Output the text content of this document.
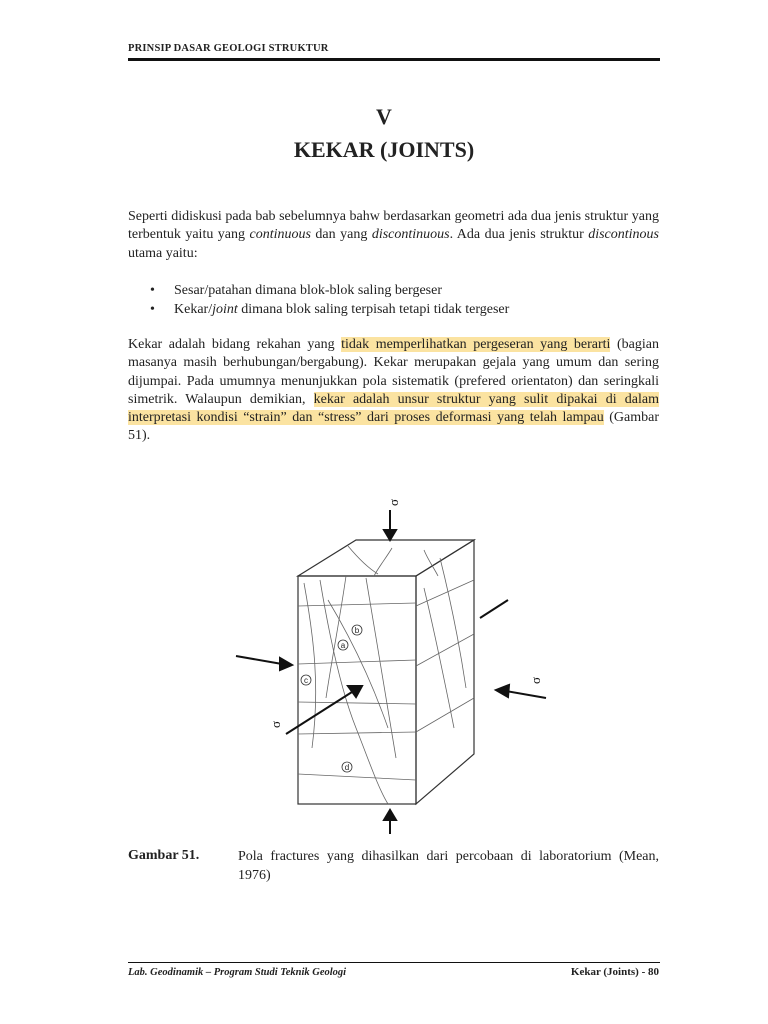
PRINSIP DASAR GEOLOGI STRUKTUR
V
KEKAR (JOINTS)
Seperti didiskusi pada bab sebelumnya bahw berdasarkan geometri ada dua jenis struktur yang terbentuk yaitu yang continuous dan yang discontinuous. Ada dua jenis struktur discontinous utama yaitu:
• Sesar/patahan dimana blok-blok saling bergeser
• Kekar/joint dimana blok saling terpisah tetapi tidak tergeser
Kekar adalah bidang rekahan yang tidak memperlihatkan pergeseran yang berarti (bagian masanya masih berhubungan/bergabung). Kekar merupakan gejala yang umum dan sering dijumpai. Pada umumnya menunjukkan pola sistematik (prefered orientaton) dan seringkali simetrik. Walaupun demikian, kekar adalah unsur struktur yang sulit dipakai di dalam interpretasi kondisi “strain” dan “stress” dari proses deformasi yang telah lampau (Gambar 51).
b
a
c
d
σ
σ
σ
Gambar 51.	Pola fractures yang dihasilkan dari percobaan di laboratorium (Mean, 1976)
Lab. Geodinamik – Program Studi Teknik Geologi	Kekar (Joints) - 80
